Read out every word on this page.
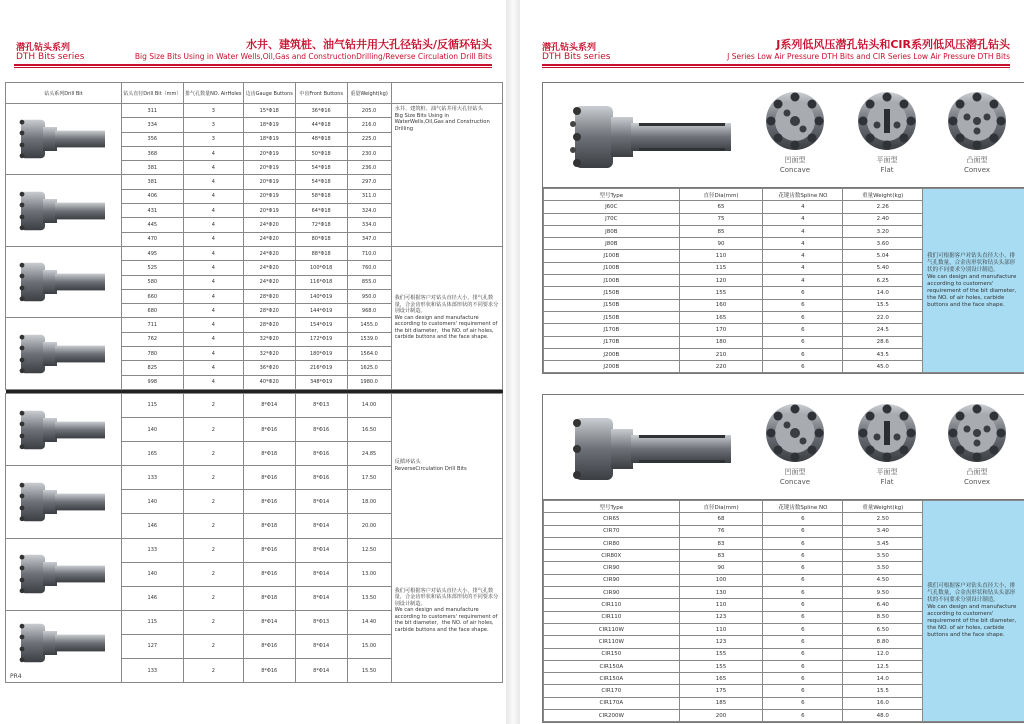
潜孔钻头系列
DTH Bits series
水井、建筑桩、油气钻井用大孔径钻头/反循环钻头
Big Size Bits Using in Water Wells,Oil,Gas and ConstructionDrilling/Reverse Circulation Drill Bits
钻头系列Drill Bit	钻头直径Drill Bit（mm）	排气孔数量NO. AirHoles	边齿Gauge Buttons	中齿Front Buttons	重量Weight(kg)	

	311	3	15*Φ18	36*Φ16	205.0	水井、建筑桩、油气钻井用大孔径钻头
Big Size Bits Using in WaterWells,Oil,Gas and Construction Drilling

	334	3	18*Φ19	44*Φ18	216.0	
	356	3	18*Φ19	48*Φ18	225.0	
	368	4	20*Φ19	50*Φ18	230.0	
	381	4	20*Φ19	54*Φ18	236.0	

	381	4	20*Φ19	54*Φ18	297.0	
	406	4	20*Φ19	58*Φ18	311.0	
	431	4	20*Φ19	64*Φ18	324.0	
	445	4	24*Φ20	72*Φ18	334.0	
	470	4	24*Φ20	80*Φ18	347.0	

	495	4	24*Φ20	88*Φ18	710.0	我们可根据客户对钻头直径大小，排气孔数量，合金齿形状和钻头体部形状的不同要求分别设计制造。
We can design and manufacture according to customers' requirement of the bit diameter，the NO. of air holes, carbide buttons and the face shape.

	525	4	24*Φ20	100*Φ18	760.0	
	580	4	24*Φ20	116*Φ18	855.0	
	660	4	28*Φ20	140*Φ19	950.0	
	680	4	28*Φ20	144*Φ19	968.0	

	711	4	28*Φ20	154*Φ19	1455.0	
	762	4	32*Φ20	172*Φ19	1539.0	
	780	4	32*Φ20	180*Φ19	1564.0	
	825	4	36*Φ20	216*Φ19	1625.0	
	998	4	40*Φ20	348*Φ19	1980.0	

	115	2	8*Φ14	8*Φ13	14.00	反循环钻头
ReverseCirculation Drill Bits

	140	2	8*Φ16	8*Φ16	16.50	
	165	2	8*Φ18	8*Φ16	24.85	

	133	2	8*Φ16	8*Φ16	17.50	
	140	2	8*Φ16	8*Φ14	18.00	
	146	2	8*Φ18	8*Φ14	20.00	

	133	2	8*Φ16	8*Φ14	12.50	我们可根据客户对钻头直径大小，排气孔数量，合金齿形状和钻头体部形状的不同要求分别设计制造。
We can design and manufacture according to customers' requirement of the bit diameter，the NO. of air holes, carbide buttons and the face shape.

	140	2	8*Φ16	8*Φ14	13.00	
	146	2	8*Φ18	8*Φ14	13.50	

PR4	115	2	8*Φ14	8*Φ13	14.40	
	127	2	8*Φ16	8*Φ14	15.00	
	133	2	8*Φ16	8*Φ14	15.50	
潜孔钻头系列
DTH Bits series
J系列低风压潜孔钻头和CIR系列低风压潜孔钻头
J Series Low Air Pressure DTH Bits and CIR Series Low Air Pressure DTH Bits
凹面型
Concave
平面型
Flat
凸面型
Convex
型号Type	直径Dia(mm)	花键齿数Spline NO	重量Weight(kg)	我们可根据客户对钻头直径大小，排气孔数量，合金齿形状和钻头头部形状的不同要求分别设计制造。
We can design and manufacture according to customers' requirement of the bit diameter, the NO. of air holes, carbide buttons and the face shape.

J60C	65	4	2.26	
J70C	75	4	2.40	
J80B	85	4	3.20	
J80B	90	4	3.60	
J100B	110	4	5.04	
J100B	115	4	5.40	
J100B	120	4	6.25	
J150B	155	6	14.0	
J150B	160	6	15.5	
J150B	165	6	22.0	
J170B	170	6	24.5	
J170B	180	6	28.6	
J200B	210	6	43.5	
J200B	220	6	45.0	
凹面型
Concave
平面型
Flat
凸面型
Convex
型号Type	直径Dia(mm)	花键齿数Spline NO	重量Weight(kg)	我们可根据客户对钻头直径大小，排气孔数量，合金齿形状和钻头头部形状的不同要求分别设计制造。
We can design and manufacture according to customers' requirement of the bit diameter, the NO. of air holes, carbide buttons and the face shape.

CIR65	68	6	2.50	
CIR70	76	6	3.40	
CIR80	83	6	3.45	
CIR80X	83	6	3.50	
CIR90	90	6	3.50	
CIR90	100	6	4.50	
CIR90	130	6	9.50	
CIR110	110	6	6.40	
CIR110	123	6	8.50	
CIR110W	110	6	6.50	
CIR110W	123	6	8.80	
CIR150	155	6	12.0	
CIR150A	155	6	12.5	
CIR150A	165	6	14.0	
CIR170	175	6	15.5	
CIR170A	185	6	16.0	
CIR200W	200	6	48.0	
